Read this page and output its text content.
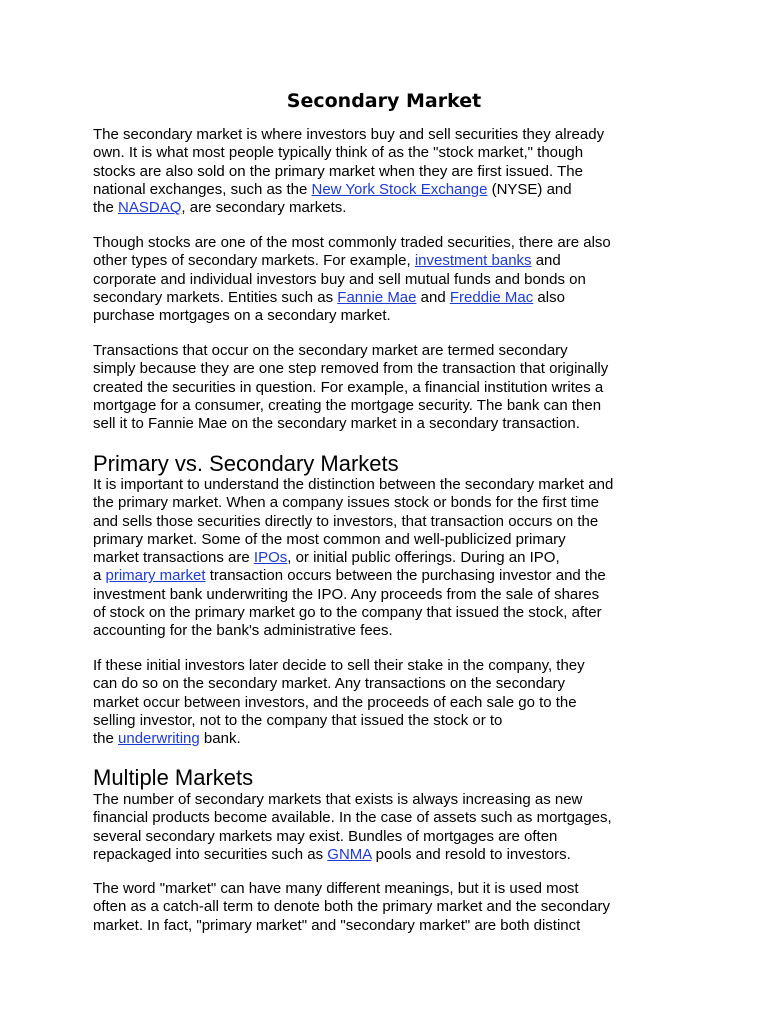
Secondary Market

The secondary market is where investors buy and sell securities they already

own. It is what most people typically think of as the "stock market," though

stocks are also sold on the primary market when they are first issued. The

national exchanges, such as the New York Stock Exchange (NYSE) and

the NASDAQ, are secondary markets.

Though stocks are one of the most commonly traded securities, there are also

other types of secondary markets. For example, investment banks and

corporate and individual investors buy and sell mutual funds and bonds on

secondary markets. Entities such as Fannie Mae and Freddie Mac also

purchase mortgages on a secondary market.

Transactions that occur on the secondary market are termed secondary

simply because they are one step removed from the transaction that originally

created the securities in question. For example, a financial institution writes a

mortgage for a consumer, creating the mortgage security. The bank can then

sell it to Fannie Mae on the secondary market in a secondary transaction.

Primary vs. Secondary Markets

It is important to understand the distinction between the secondary market and

the primary market. When a company issues stock or bonds for the first time

and sells those securities directly to investors, that transaction occurs on the

primary market. Some of the most common and well-publicized primary

market transactions are IPOs, or initial public offerings. During an IPO,

a primary market transaction occurs between the purchasing investor and the

investment bank underwriting the IPO. Any proceeds from the sale of shares

of stock on the primary market go to the company that issued the stock, after

accounting for the bank's administrative fees.

If these initial investors later decide to sell their stake in the company, they

can do so on the secondary market. Any transactions on the secondary

market occur between investors, and the proceeds of each sale go to the

selling investor, not to the company that issued the stock or to

the underwriting bank.

Multiple Markets

The number of secondary markets that exists is always increasing as new

financial products become available. In the case of assets such as mortgages,

several secondary markets may exist. Bundles of mortgages are often

repackaged into securities such as GNMA pools and resold to investors.

The word "market" can have many different meanings, but it is used most

often as a catch-all term to denote both the primary market and the secondary

market. In fact, "primary market" and "secondary market" are both distinct
